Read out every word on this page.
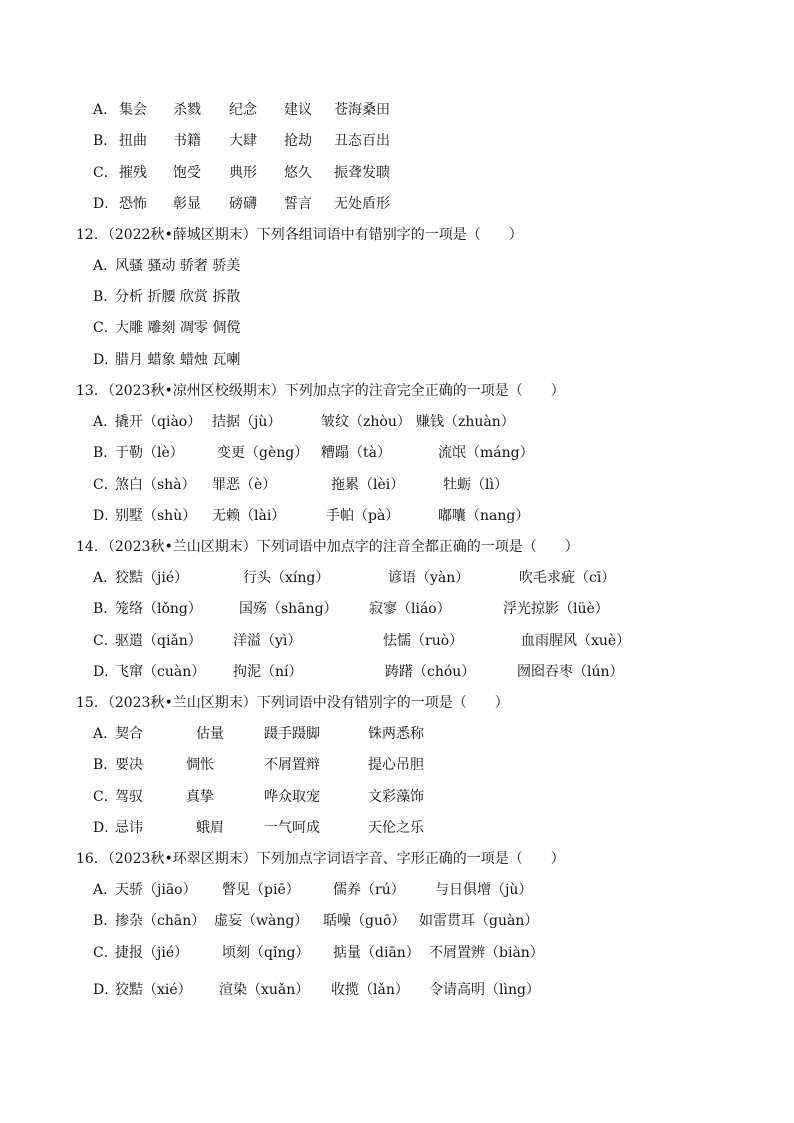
A． 集会 杀戮 纪念 建议 苍海桑田
B． 扭曲 书籍 大肆 抢劫 丑态百出
C． 摧残 饱受 典形 悠久 振聋发聩
D． 恐怖 彰显 磅礴 誓言 无处盾形
12．（2022秋•薛城区期末）下列各组词语中有错别字的一项是（　　）
A．
风骚 骚动 骄奢 骄美
B．
分析 折腰 欣赏 拆散
C．
大雕 雕刻 凋零 倜傥
D．
腊月 蜡象 蜡烛 瓦喇
13．（2023秋•凉州区校级期末）下列加点字的注音完全正确的一项是（　　）
A．
撬开（qiào） 拮据（jù）	皱纹（zhòu） 赚钱（zhuàn）
B．
于勒（lè） 变更（gèng） 糟蹋（tà）	流氓（máng）
C．
煞白（shà） 罪恶（è）	拖累（lèi）	牡蛎（lì）
D．
别墅（shù） 无赖（lài）	手帕（pà）	嘟囔（nang）
14．（2023秋•兰山区期末）下列词语中加点字的注音全都正确的一项是（　　）
A．
狡黠（jié）	行头（xíng）	谚语（yàn）	吹毛求疵（cī）
B．
笼络（lǒng）	国殇（shāng） 寂寥（liáo）	浮光掠影（lüè）
C．
驱遣（qiǎn） 洋溢（yì）	怯懦（ruò）	血雨腥风（xuè）
D．
飞窜（cuàn） 拘泥（ní）	踌躇（chóu）	囫囵吞枣（lún）
15．（2023秋•兰山区期末）下列词语中没有错别字的一项是（　　）
A．
契合	估量	蹑手蹑脚	铢两悉称
B．
要决	惆怅	不屑置辩	提心吊胆
C．
驾驭	真挚	哗众取宠	文彩藻饰
D．
忌讳	蛾眉	一气呵成	天伦之乐
16．（2023秋•环翠区期末）下列加点字词语字音、字形正确的一项是（　　）
A．
天骄（jiāo） 瞥见（piē） 儒养（rú） 与日俱增（jù）
B．
掺杂（chān） 虚妄（wàng） 聒噪（guō） 如雷贯耳（guàn）
C．
捷报（jié） 顷刻（qǐng） 掂量（diān） 不屑置辨（biàn）
D．
狡黠（xié） 渲染（xuǎn） 收揽（lǎn） 令请高明（lìng）
